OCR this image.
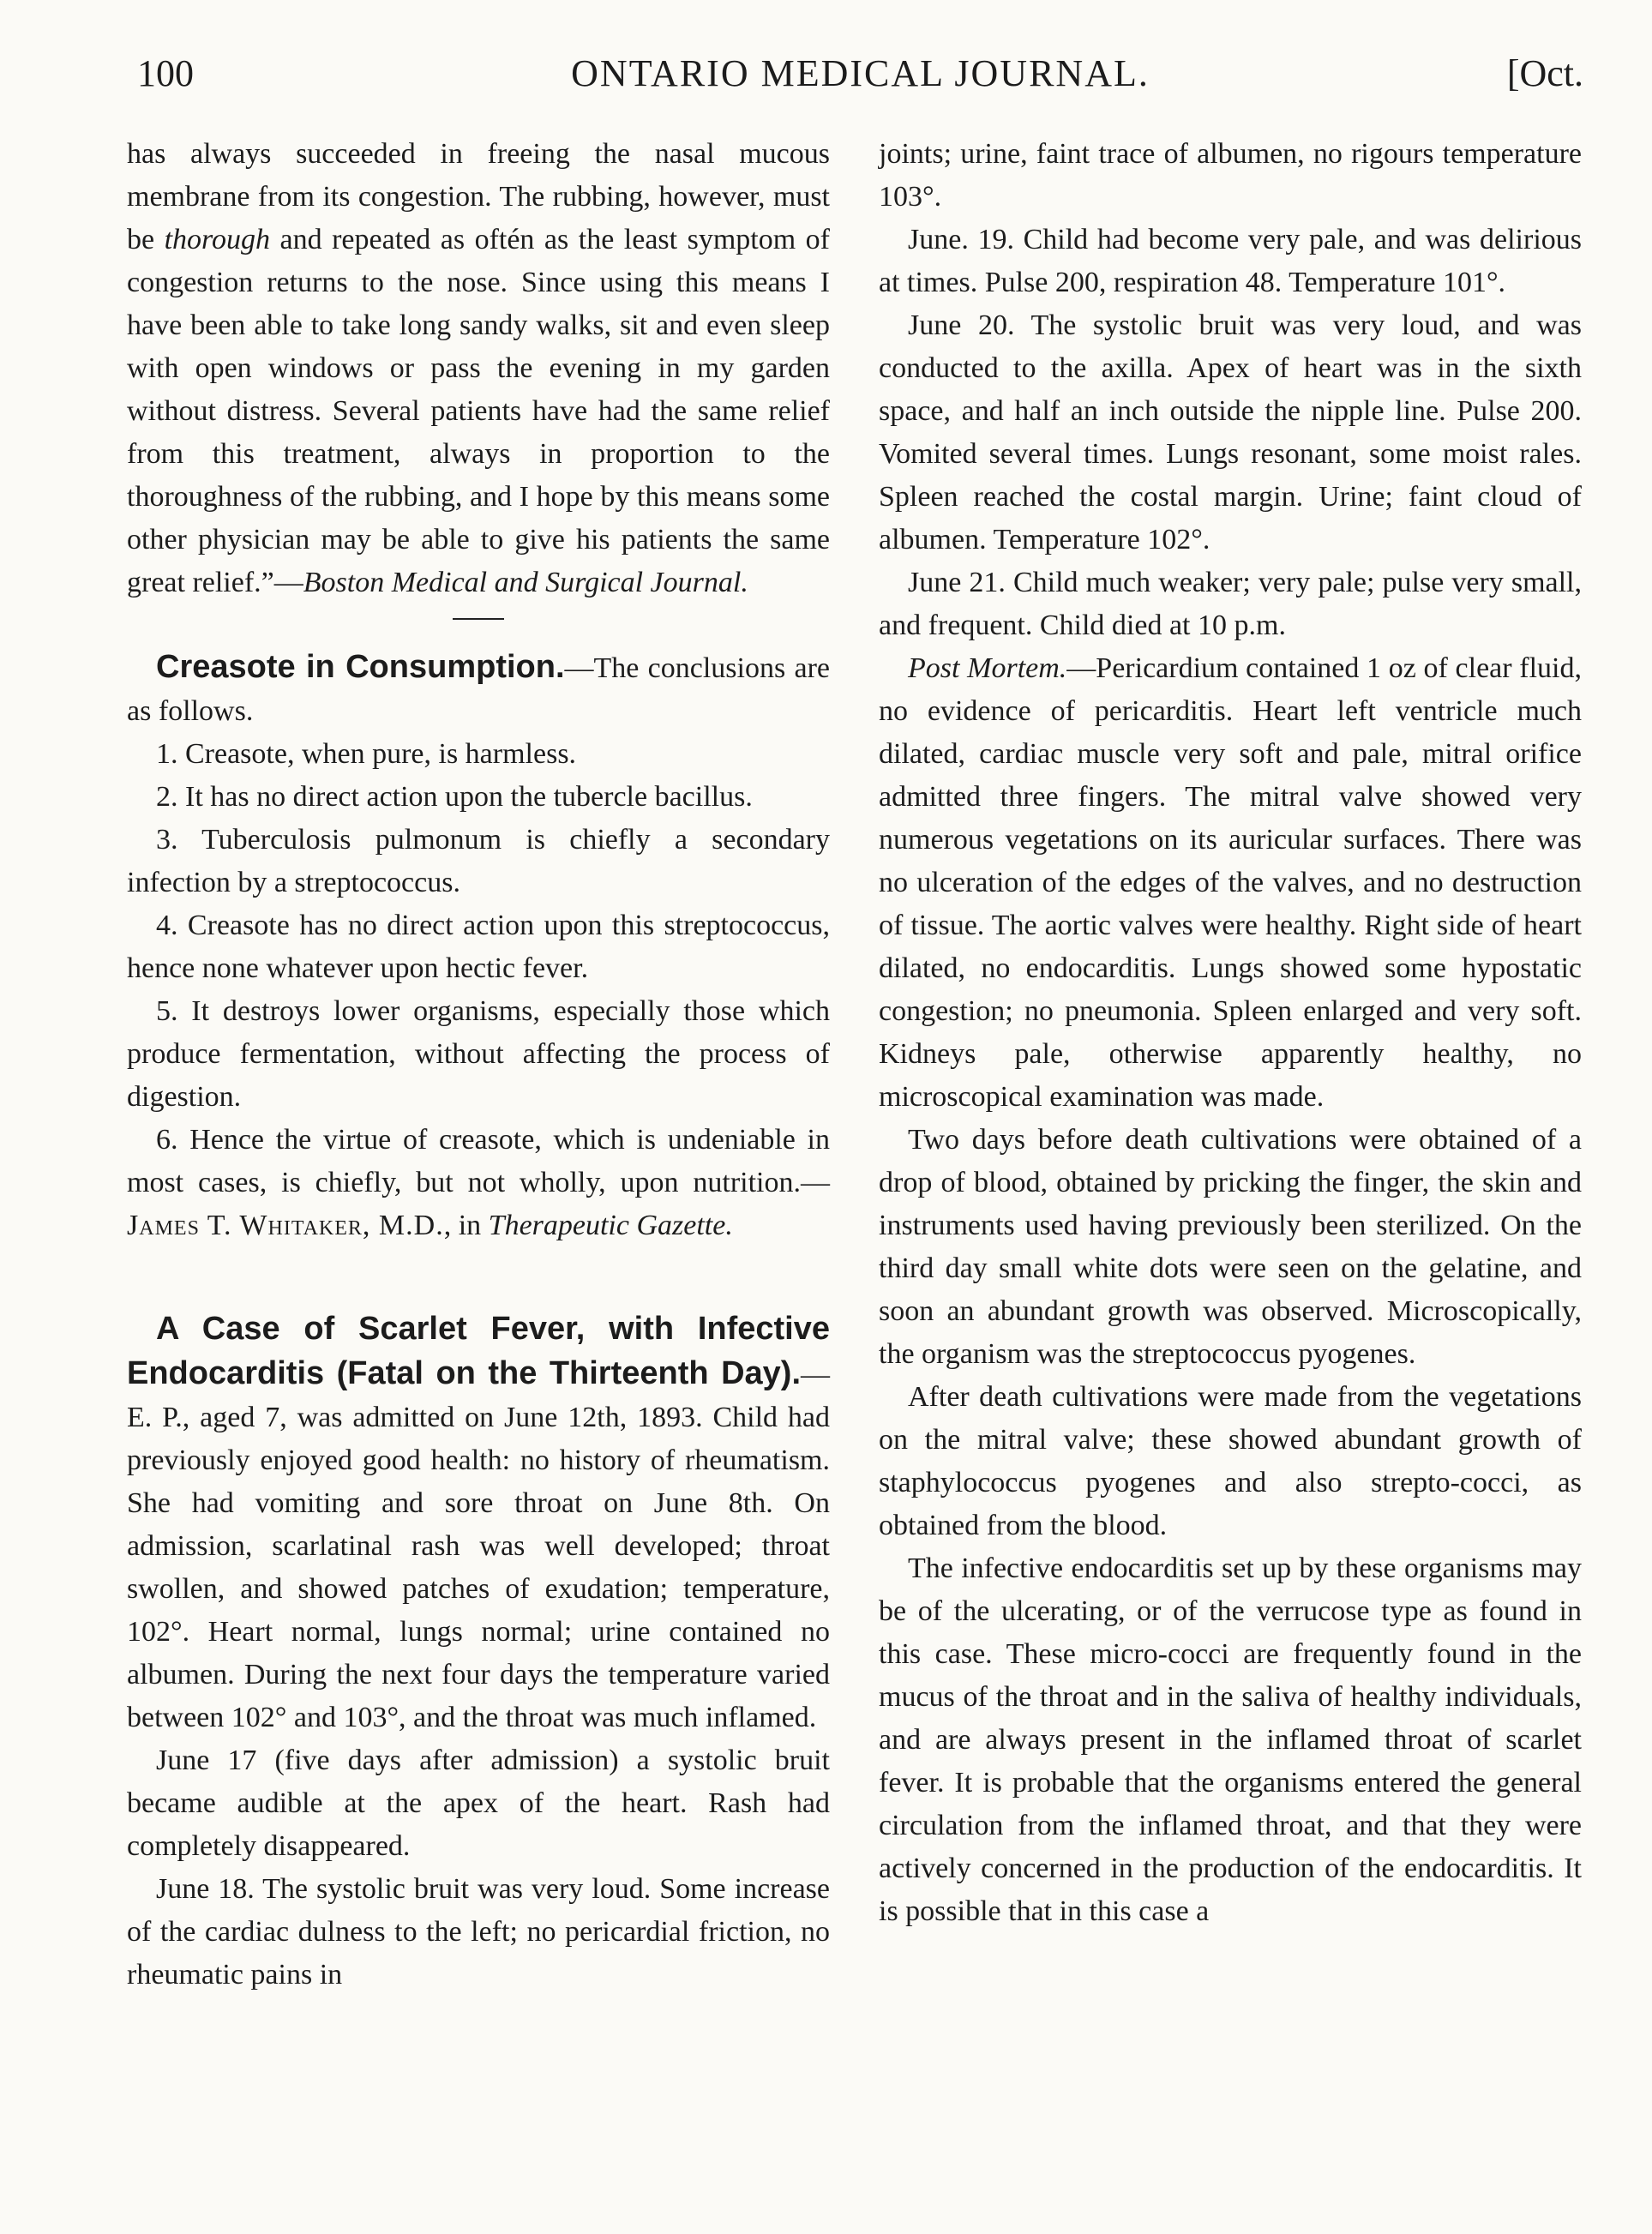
100	ONTARIO MEDICAL JOURNAL.	[Oct.

has always succeeded in freeing the nasal mucous membrane from its congestion. The rubbing, however, must be thorough and repeated as oftén as the least symptom of congestion returns to the nose. Since using this means I have been able to take long sandy walks, sit and even sleep with open windows or pass the evening in my garden without distress. Several patients have had the same relief from this treatment, always in proportion to the thoroughness of the rubbing, and I hope by this means some other physician may be able to give his patients the same great relief.”—Boston Medical and Surgical Journal.

Creasote in Consumption.—The conclusions are as follows.

1. Creasote, when pure, is harmless.

2. It has no direct action upon the tubercle bacillus.

3. Tuberculosis pulmonum is chiefly a secondary infection by a streptococcus.

4. Creasote has no direct action upon this streptococcus, hence none whatever upon hectic fever.

5. It destroys lower organisms, especially those which produce fermentation, without affecting the process of digestion.

6. Hence the virtue of creasote, which is undeniable in most cases, is chiefly, but not wholly, upon nutrition.—James T. Whitaker, M.D., in Therapeutic Gazette.

A Case of Scarlet Fever, with Infective Endocarditis (Fatal on the Thirteenth Day).—E. P., aged 7, was admitted on June 12th, 1893. Child had previously enjoyed good health: no history of rheumatism. She had vomiting and sore throat on June 8th. On admission, scarlatinal rash was well developed; throat swollen, and showed patches of exudation; temperature, 102°. Heart normal, lungs normal; urine contained no albumen. During the next four days the temperature varied between 102° and 103°, and the throat was much inflamed.

June 17 (five days after admission) a systolic bruit became audible at the apex of the heart. Rash had completely disappeared.

June 18. The systolic bruit was very loud. Some increase of the cardiac dulness to the left; no pericardial friction, no rheumatic pains in

joints; urine, faint trace of albumen, no rigours temperature 103°.

June. 19. Child had become very pale, and was delirious at times. Pulse 200, respiration 48. Temperature 101°.

June 20. The systolic bruit was very loud, and was conducted to the axilla. Apex of heart was in the sixth space, and half an inch outside the nipple line. Pulse 200. Vomited several times. Lungs resonant, some moist rales. Spleen reached the costal margin. Urine; faint cloud of albumen. Temperature 102°.

June 21. Child much weaker; very pale; pulse very small, and frequent. Child died at 10 p.m.

Post Mortem.—Pericardium contained 1 oz of clear fluid, no evidence of pericarditis. Heart left ventricle much dilated, cardiac muscle very soft and pale, mitral orifice admitted three fingers. The mitral valve showed very numerous vegetations on its auricular surfaces. There was no ulceration of the edges of the valves, and no destruction of tissue. The aortic valves were healthy. Right side of heart dilated, no endocarditis. Lungs showed some hypostatic congestion; no pneumonia. Spleen enlarged and very soft. Kidneys pale, otherwise apparently healthy, no microscopical examination was made.

Two days before death cultivations were obtained of a drop of blood, obtained by pricking the finger, the skin and instruments used having previously been sterilized. On the third day small white dots were seen on the gelatine, and soon an abundant growth was observed. Microscopically, the organism was the streptococcus pyogenes.

After death cultivations were made from the vegetations on the mitral valve; these showed abundant growth of staphylococcus pyogenes and also strepto-cocci, as obtained from the blood.

The infective endocarditis set up by these organisms may be of the ulcerating, or of the verrucose type as found in this case. These micro-cocci are frequently found in the mucus of the throat and in the saliva of healthy individuals, and are always present in the inflamed throat of scarlet fever. It is probable that the organisms entered the general circulation from the inflamed throat, and that they were actively concerned in the production of the endocarditis. It is possible that in this case a
